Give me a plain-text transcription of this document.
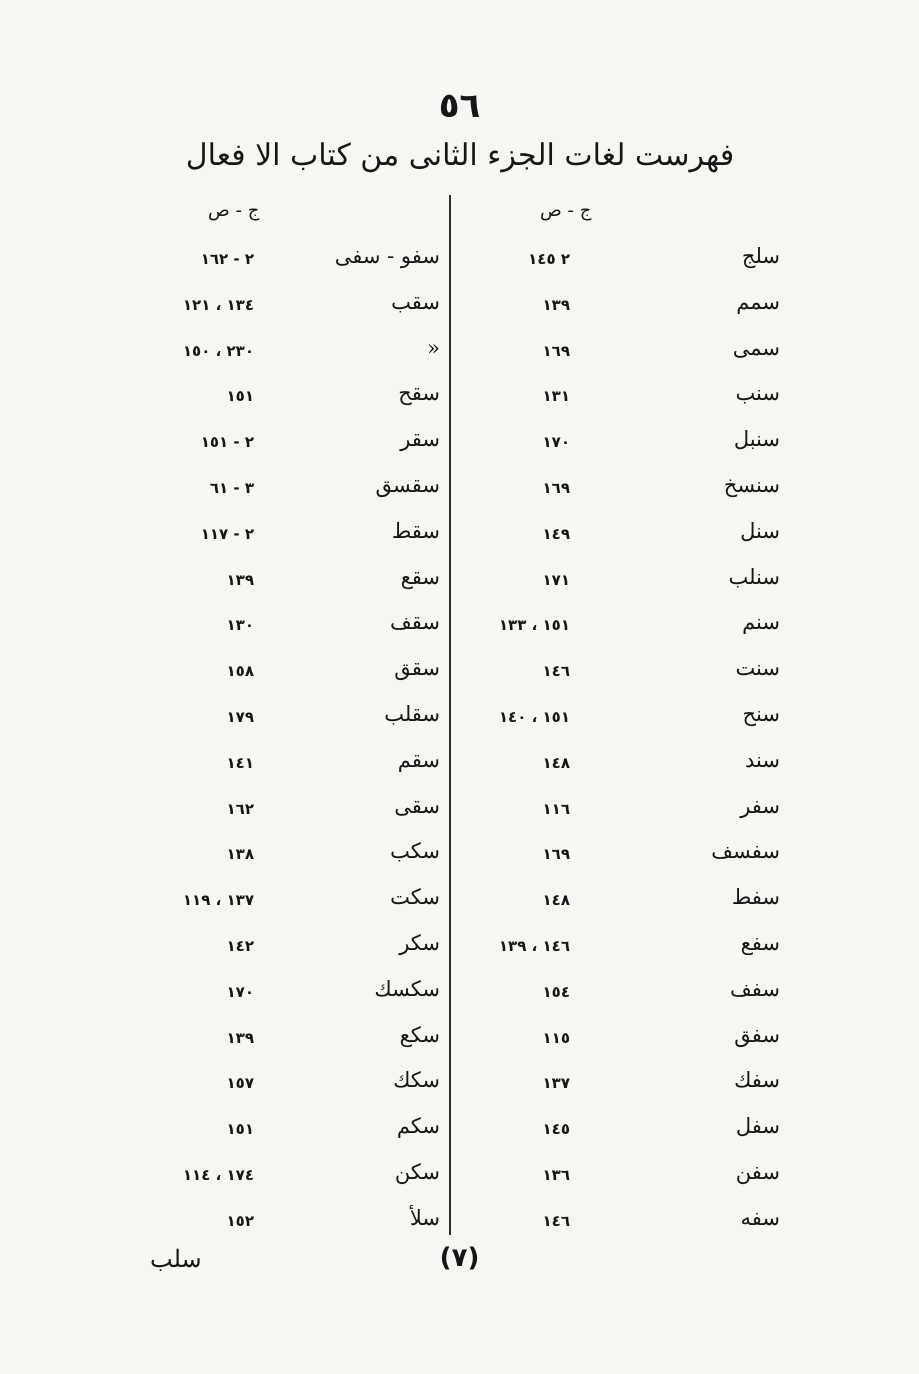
٥٦
فهرست لغات الجزء الثانی من کتاب الا فعال
ج - ص
ج - ص
سلج
٢ ١٤٥
سمم
١٣٩
سمی
١٦٩
سنب
١٣١
سنبل
١٧٠
سنسخ
١٦٩
سنل
١٤٩
سنلب
١٧١
سنم
١٥١ ، ١٣٣
سنت
١٤٦
سنح
١٥١ ، ١٤٠
سند
١٤٨
سفر
١١٦
سفسف
١٦٩
سفط
١٤٨
سفع
١٤٦ ، ١٣٩
سفف
١٥٤
سفق
١١٥
سفك
١٣٧
سفل
١٤٥
سفن
١٣٦
سفه
١٤٦
سفو - سفی
٢ - ١٦٢
سقب
١٣٤ ، ١٢١
«
٢٣٠ ، ١٥٠
سقح
١٥١
سقر
٢ - ١٥١
سقسق
٣ - ٦١
سقط
٢ - ١١٧
سقع
١٣٩
سقف
١٣٠
سقق
١٥٨
سقلب
١٧٩
سقم
١٤١
سقی
١٦٢
سكب
١٣٨
سكت
١٣٧ ، ١١٩
سكر
١٤٢
سكسك
١٧٠
سكع
١٣٩
سكك
١٥٧
سكم
١٥١
سكن
١٧٤ ، ١١٤
سلأ
١٥٢
سلب	(٧)
